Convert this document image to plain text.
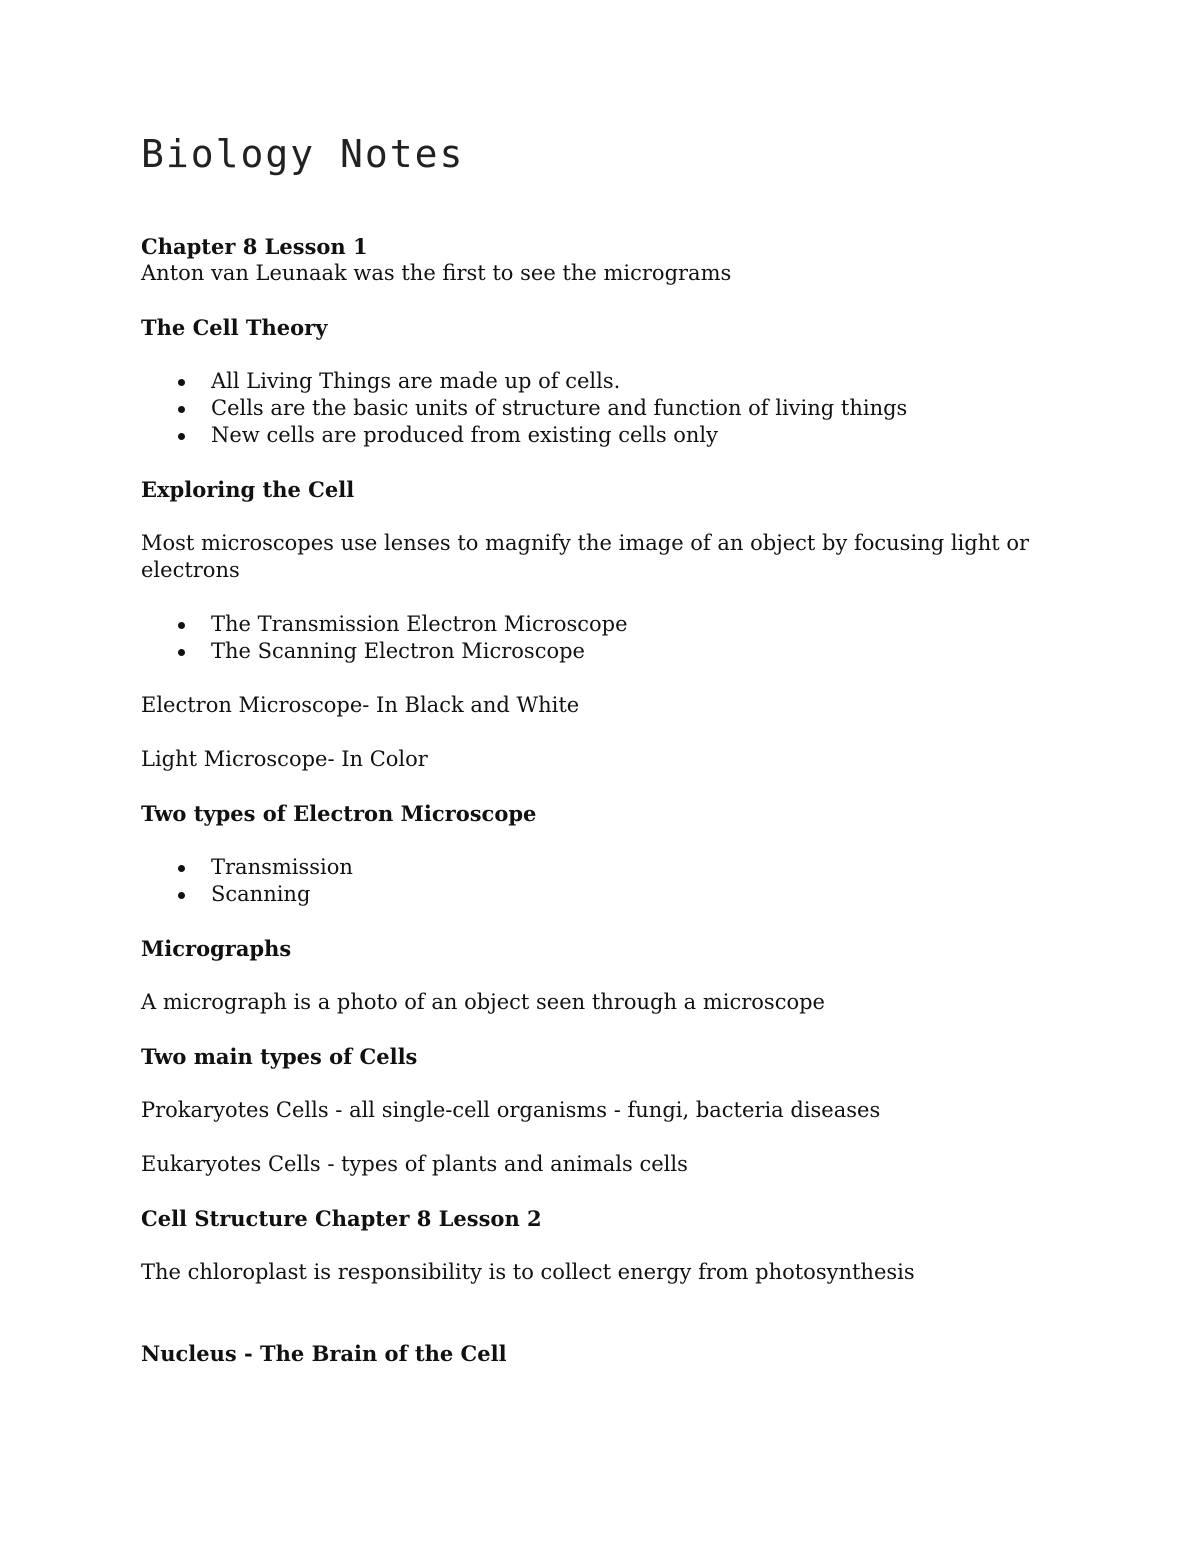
Biology Notes

Chapter 8 Lesson 1

Anton van Leunaak was the first to see the micrograms

The Cell Theory

All Living Things are made up of cells.
Cells are the basic units of structure and function of living things
New cells are produced from existing cells only

Exploring the Cell

Most microscopes use lenses to magnify the image of an object by focusing light or electrons

The Transmission Electron Microscope
The Scanning Electron Microscope

Electron Microscope- In Black and White

Light Microscope- In Color

Two types of Electron Microscope

Transmission
Scanning

Micrographs

A micrograph is a photo of an object seen through a microscope

Two main types of Cells

Prokaryotes Cells - all single-cell organisms - fungi, bacteria diseases

Eukaryotes Cells - types of plants and animals cells

Cell Structure Chapter 8 Lesson 2

The chloroplast is responsibility is to collect energy from photosynthesis

Nucleus - The Brain of the Cell
